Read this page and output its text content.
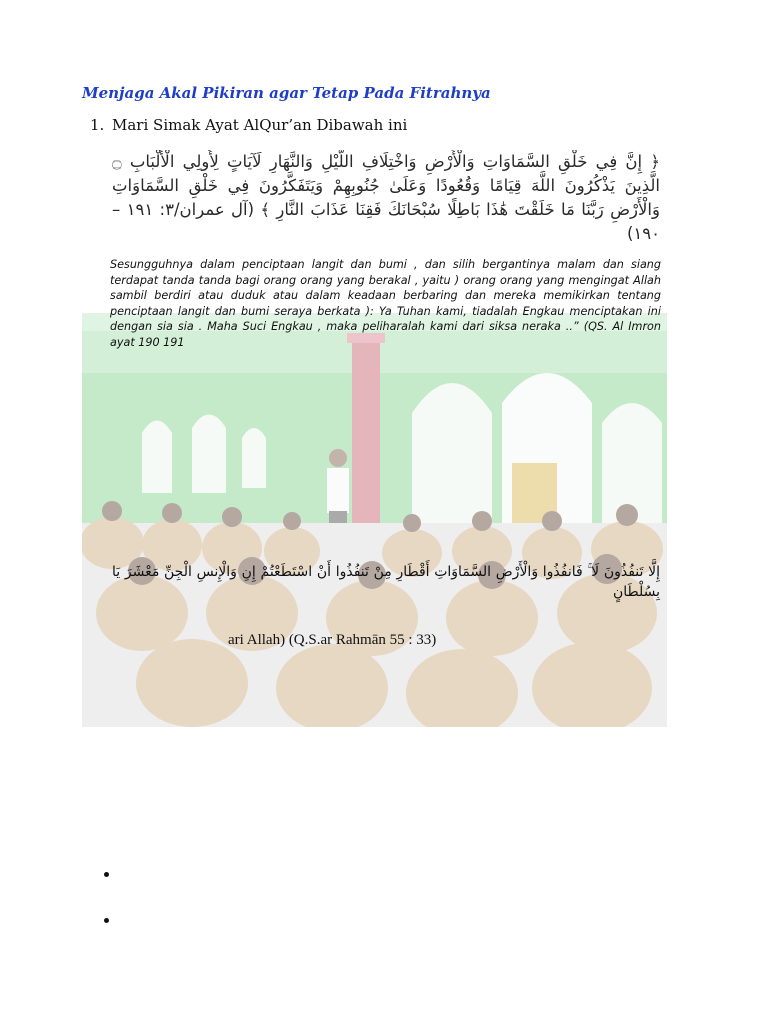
Menjaga Akal Pikiran agar Tetap Pada Fitrahnya
1. Mari Simak Ayat AlQur’an Dibawah ini
﴿ إِنَّ فِي خَلْقِ السَّمَاوَاتِ وَالْأَرْضِ وَاخْتِلَافِ اللَّيْلِ وَالنَّهَارِ لَآيَاتٍ لِأُولِي الْأَلْبَابِ ۝ الَّذِينَ يَذْكُرُونَ اللَّهَ قِيَامًا وَقُعُودًا وَعَلَىٰ جُنُوبِهِمْ وَيَتَفَكَّرُونَ فِي خَلْقِ السَّمَاوَاتِ وَالْأَرْضِ رَبَّنَا مَا خَلَقْتَ هَٰذَا بَاطِلًا سُبْحَانَكَ فَقِنَا عَذَابَ النَّارِ ﴾ (آل عمران/٣: ١٩١ – ١٩٠)
Sesungguhnya dalam penciptaan langit dan bumi , dan silih bergantinya malam dan siang terdapat tanda tanda bagi orang orang yang berakal , yaitu ) orang orang yang mengingat Allah sambil berdiri atau duduk atau dalam keadaan berbaring dan mereka memikirkan tentang penciptaan langit dan bumi seraya berkata ): Ya Tuhan kami, tiadalah Engkau menciptakan ini dengan sia sia . Maha Suci Engkau , maka peliharalah kami dari siksa neraka ..” (QS. Al Imron ayat 190 191
إِلَّا تَنفُذُونَ لَا ۚ فَانفُذُوا وَالْأَرْضِ السَّمَاوَاتِ أَقْطَارِ مِنْ تَنفُذُوا أَنْ اسْتَطَعْتُمْ إِنِ وَالْإِنسِ الْجِنِّ مَعْشَرَ يَا بِسُلْطَانٍ
ari Allah) (Q.S.ar Rahmān 55 : 33)
